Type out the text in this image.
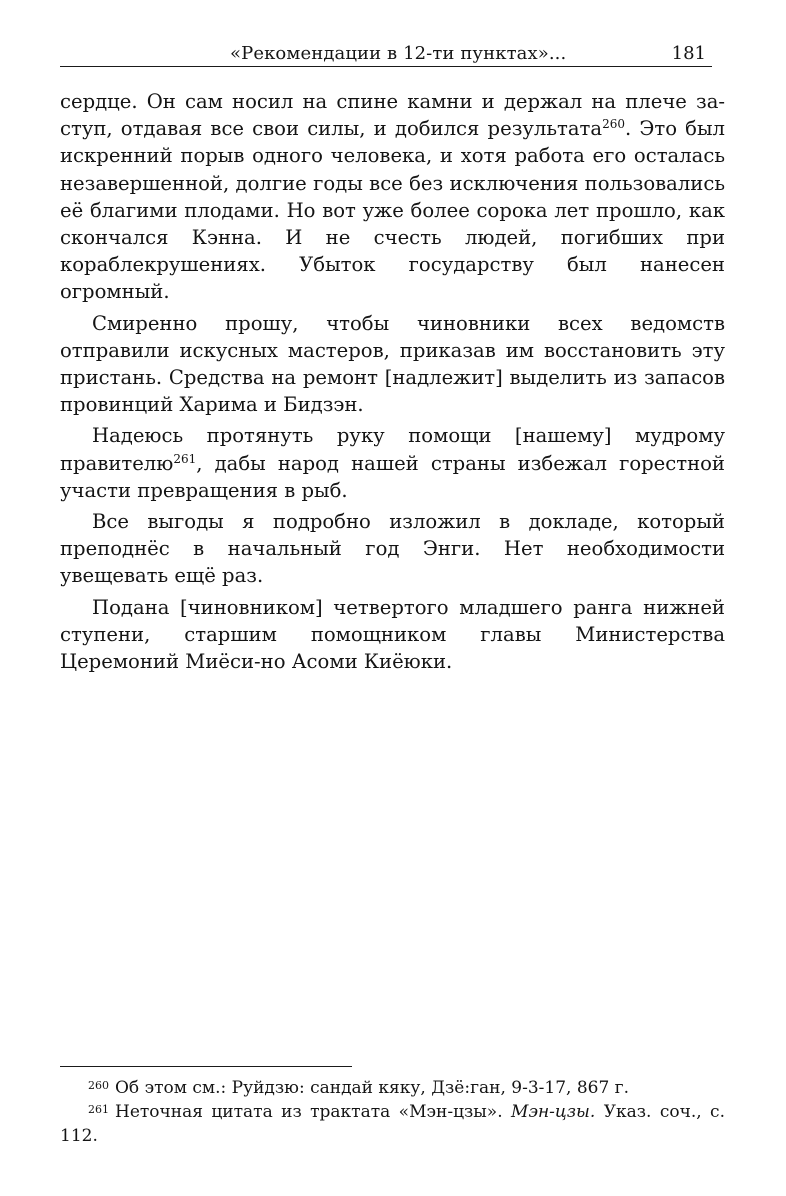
«Рекомендации в 12-ти пунктах»...	181

сердце. Он сам носил на спине камни и держал на плече за-ступ, отдавая все свои силы, и добился результата$^{260}$. Это был искренний порыв одного человека, и хотя работа его осталась незавершенной, долгие годы все без исключения пользовались её благими плодами. Но вот уже более сорока лет прошло, как скончался Кэнна. И не счесть людей, погибших при кораблекрушениях. Убыток государству был нанесен огромный.

Смиренно прошу, чтобы чиновники всех ведомств отправили искусных мастеров, приказав им восстановить эту пристань. Средства на ремонт [надлежит] выделить из запасов провинций Харима и Бидзэн.

Надеюсь протянуть руку помощи [нашему] мудрому правителю$^{261}$, дабы народ нашей страны избежал горестной участи превращения в рыб.

Все выгоды я подробно изложил в докладе, который преподнёс в начальный год Энги. Нет необходимости увещевать ещё раз.

Подана [чиновником] четвертого младшего ранга нижней ступени, старшим помощником главы Министерства Церемоний Миёси-но Асоми Киёюки.

$^{260}$ Об этом см.: Руйдзю: сандай кяку, Дзё:ган, 9-3-17, 867 г.

$^{261}$ Неточная цитата из трактата «Мэн-цзы». Мэн-цзы. Указ. соч., с. 112.
